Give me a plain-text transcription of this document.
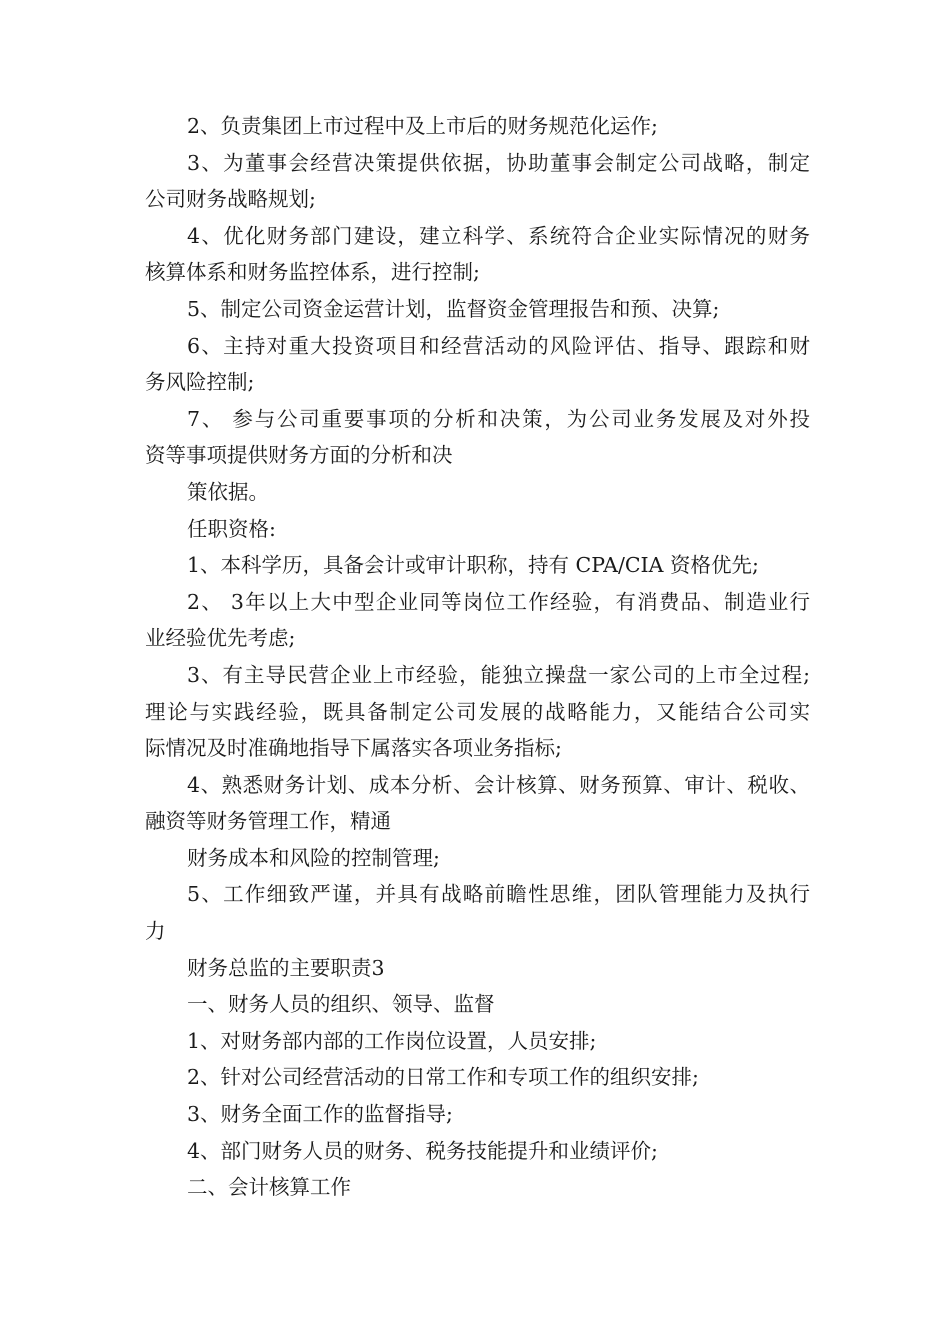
2、负责集团上市过程中及上市后的财务规范化运作;
3、为董事会经营决策提供依据，协助董事会制定公司战略，制定
公司财务战略规划;
4、优化财务部门建设，建立科学、系统符合企业实际情况的财务
核算体系和财务监控体系，进行控制;
5、制定公司资金运营计划，监督资金管理报告和预、决算;
6、主持对重大投资项目和经营活动的风险评估、指导、跟踪和财
务风险控制;
7、 参与公司重要事项的分析和决策，为公司业务发展及对外投
资等事项提供财务方面的分析和决
策依据。
任职资格:
1、本科学历，具备会计或审计职称，持有 CPA/CIA 资格优先;
2、 3年以上大中型企业同等岗位工作经验，有消费品、制造业行
业经验优先考虑;
3、有主导民营企业上市经验，能独立操盘一家公司的上市全过程;
理论与实践经验，既具备制定公司发展的战略能力，又能结合公司实
际情况及时准确地指导下属落实各项业务指标;
4、熟悉财务计划、成本分析、会计核算、财务预算、审计、税收、
融资等财务管理工作，精通
财务成本和风险的控制管理;
5、工作细致严谨，并具有战略前瞻性思维，团队管理能力及执行
力
财务总监的主要职责3
一、财务人员的组织、领导、监督
1、对财务部内部的工作岗位设置，人员安排;
2、针对公司经营活动的日常工作和专项工作的组织安排;
3、财务全面工作的监督指导;
4、部门财务人员的财务、税务技能提升和业绩评价;
二、会计核算工作
